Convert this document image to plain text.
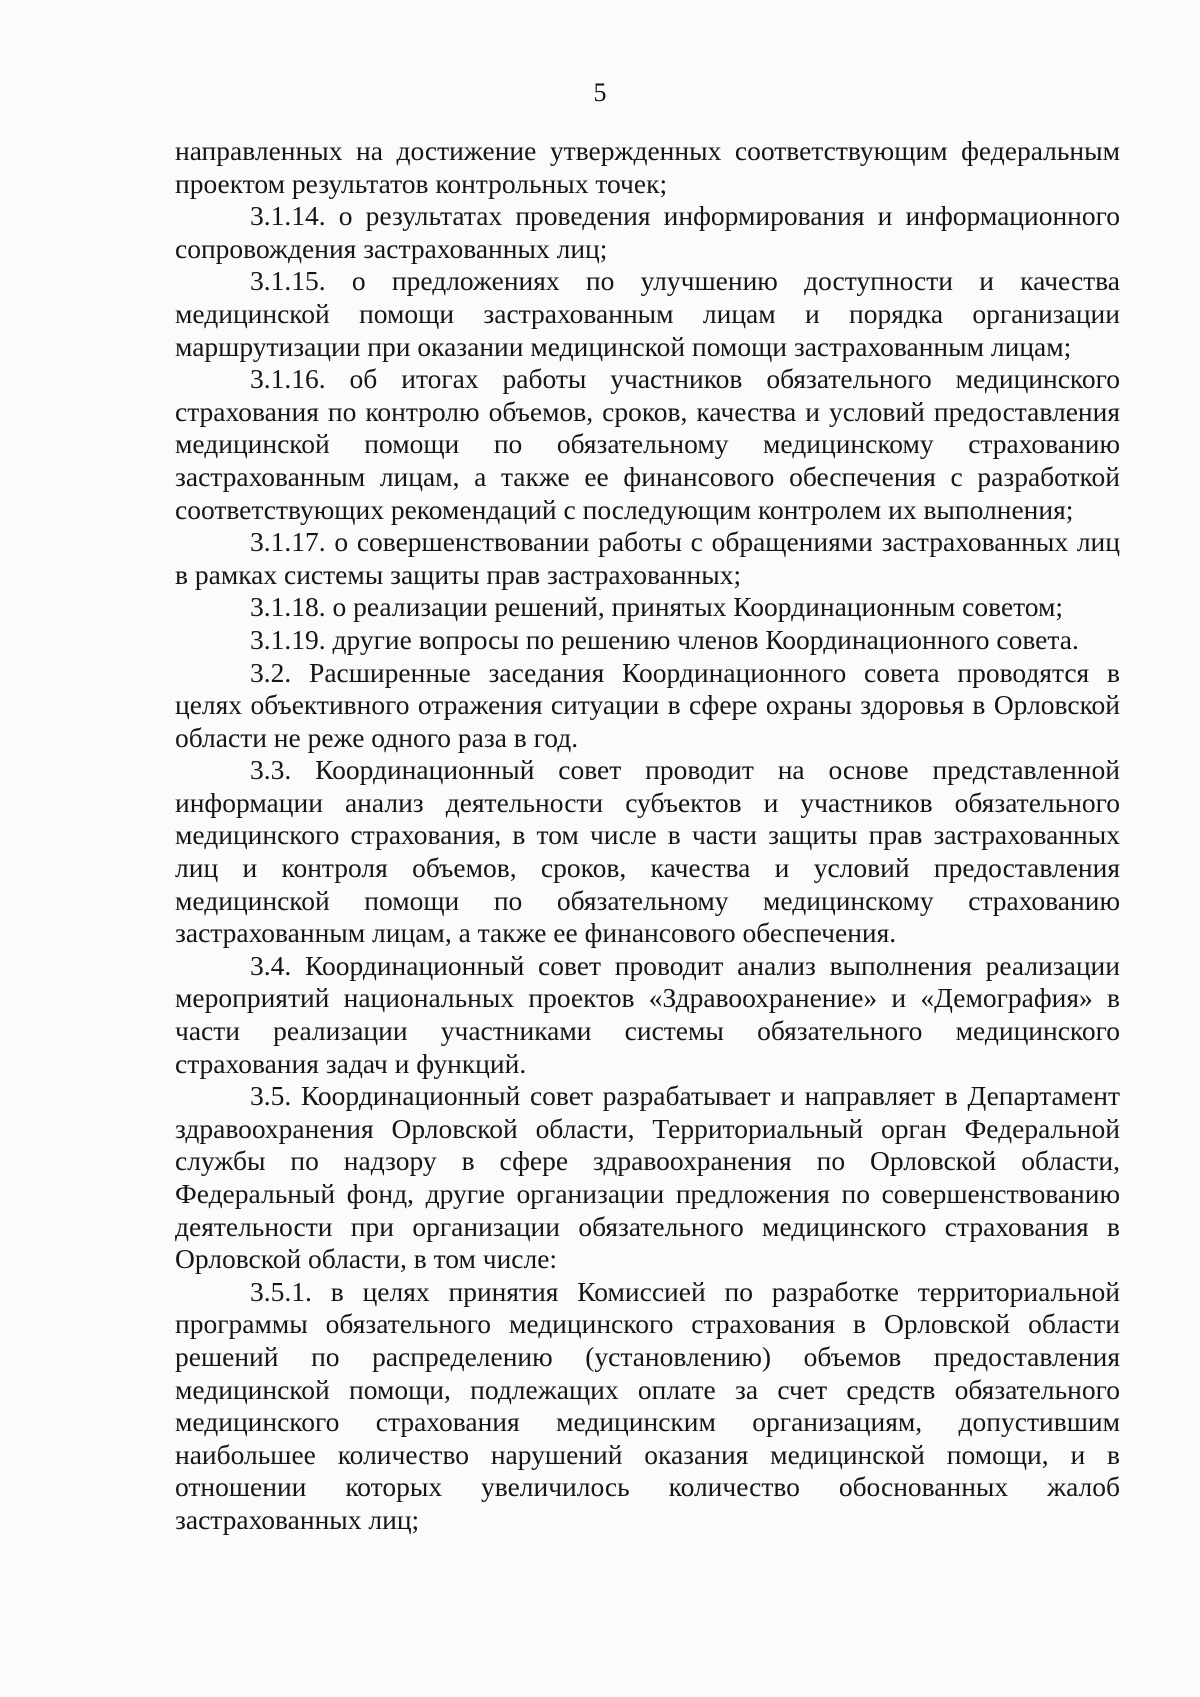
5

направленных на достижение утвержденных соответствующим федеральным проектом результатов контрольных точек;

3.1.14. о результатах проведения информирования и информационного сопровождения застрахованных лиц;

3.1.15. о предложениях по улучшению доступности и качества медицинской помощи застрахованным лицам и порядка организации маршрутизации при оказании медицинской помощи застрахованным лицам;

3.1.16. об итогах работы участников обязательного медицинского страхования по контролю объемов, сроков, качества и условий предоставления медицинской помощи по обязательному медицинскому страхованию застрахованным лицам, а также ее финансового обеспечения с разработкой соответствующих рекомендаций с последующим контролем их выполнения;

3.1.17. о совершенствовании работы с обращениями застрахованных лиц в рамках системы защиты прав застрахованных;

3.1.18. о реализации решений, принятых Координационным советом;

3.1.19. другие вопросы по решению членов Координационного совета.

3.2. Расширенные заседания Координационного совета проводятся в целях объективного отражения ситуации в сфере охраны здоровья в Орловской области не реже одного раза в год.

3.3. Координационный совет проводит на основе представленной информации анализ деятельности субъектов и участников обязательного медицинского страхования, в том числе в части защиты прав застрахованных лиц и контроля объемов, сроков, качества и условий предоставления медицинской помощи по обязательному медицинскому страхованию застрахованным лицам, а также ее финансового обеспечения.

3.4. Координационный совет проводит анализ выполнения реализации мероприятий национальных проектов «Здравоохранение» и «Демография» в части реализации участниками системы обязательного медицинского страхования задач и функций.

3.5. Координационный совет разрабатывает и направляет в Департамент здравоохранения Орловской области, Территориальный орган Федеральной службы по надзору в сфере здравоохранения по Орловской области, Федеральный фонд, другие организации предложения по совершенствованию деятельности при организации обязательного медицинского страхования в Орловской области, в том числе:

3.5.1. в целях принятия Комиссией по разработке территориальной программы обязательного медицинского страхования в Орловской области решений по распределению (установлению) объемов предоставления медицинской помощи, подлежащих оплате за счет средств обязательного медицинского страхования медицинским организациям, допустившим наибольшее количество нарушений оказания медицинской помощи, и в отношении которых увеличилось количество обоснованных жалоб застрахованных лиц;
